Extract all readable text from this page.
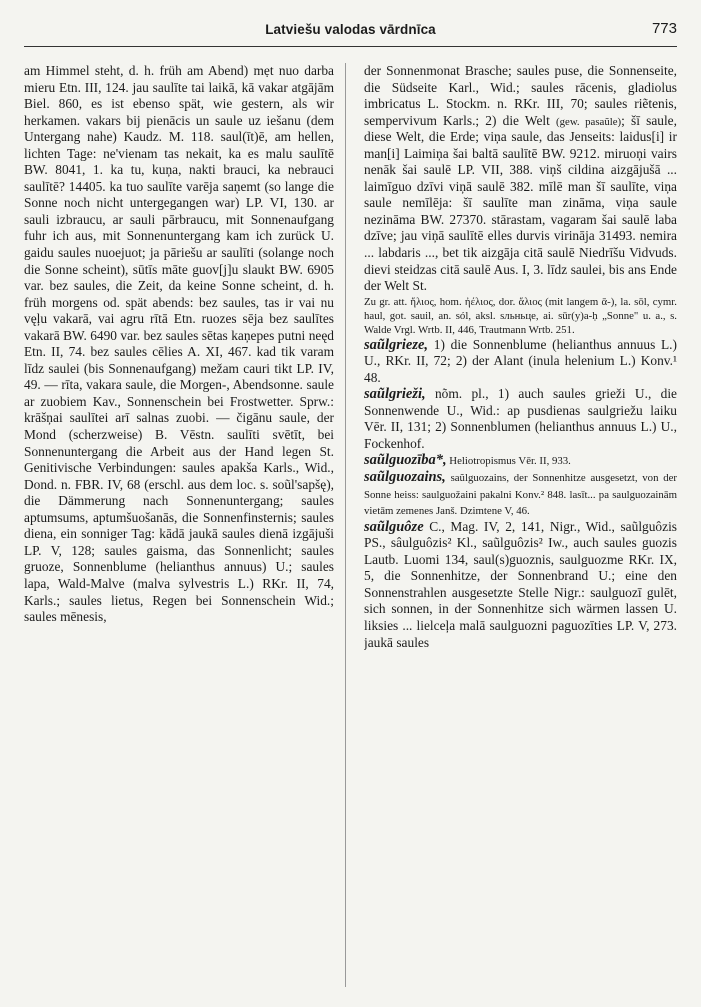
Latviešu valodas vārdnīca	773

am Himmel steht, d. h. früh am Abend) mẹt nuo darba mieru Etn. III, 124. jau saulīte tai laikā, kā vakar atgājām Biel. 860, es ist ebenso spät, wie gestern, als wir herkamen. vakars bij pienācis un saule uz iešanu (dem Untergang nahe) Kaudz. M. 118. saul(īt)ē, am hellen, lichten Tage: ne'vienam tas nekait, ka es malu saulītē BW. 8041, 1. ka tu, kuņa, nakti brauci, ka nebrauci saulītē? 14405. ka tuo saulīte varēja saņemt (so lange die Sonne noch nicht untergegangen war) LP. VI, 130. ar sauli izbraucu, ar sauli pārbraucu, mit Sonnenaufgang fuhr ich aus, mit Sonnenuntergang kam ich zurück U. gaidu saules nuoejuot; ja pāriešu ar saulīti (solange noch die Sonne scheint), sūtīs māte guov[j]u slaukt BW. 6905 var. bez saules, die Zeit, da keine Sonne scheint, d. h. früh morgens od. spät abends: bez saules, tas ir vai nu vęļu vakarā, vai agru rītā Etn. ruozes sēja bez saulītes vakarā BW. 6490 var. bez saules sētas kaņepes putni neęd Etn. II, 74. bez saules cēlies A. XI, 467. kad tik varam līdz saulei (bis Sonnenaufgang) mežam cauri tikt LP. IV, 49. — rīta, vakara saule, die Morgen-, Abendsonne. saule ar zuobiem Kav., Sonnenschein bei Frostwetter. Sprw.: krāšņai saulītei arī salnas zuobi. — čigānu saule, der Mond (scherzweise) B. Vēstn. saulīti svētīt, bei Sonnenuntergang die Arbeit aus der Hand legen St. Genitivische Verbindungen: saules apakša Karls., Wid., Dond. n. FBR. IV, 68 (erschl. aus dem loc. s. soũl'sapšę), die Dämmerung nach Sonnenuntergang; saules aptumsums, aptumšuošanās, die Sonnenfinsternis; saules diena, ein sonniger Tag: kādā jaukā saules dienā izgājuši LP. V, 128; saules gaisma, das Sonnenlicht; saules gruoze, Sonnenblume (helianthus annuus) U.; saules lapa, Wald-Malve (malva sylvestris L.) RKr. II, 74, Karls.; saules lietus, Regen bei Sonnenschein Wid.; saules mēnesis,

der Sonnenmonat Brasche; saules puse, die Sonnenseite, die Südseite Karl., Wid.; saules rācenis, gladiolus imbricatus L. Stockm. n. RKr. III, 70; saules riẽtenis, sempervivum Karls.; 2) die Welt (gew. pasaũle); šī saule, diese Welt, die Erde; viņa saule, das Jenseits: laidus[i] ir man[i] Laimiņa šai baltā saulītē BW. 9212. miruoņi vairs nenāk šai saulē LP. VII, 388. viņš cildina aizgājušā ... laimīguo dzīvi viņā saulē 382. mīlē man šī saulīte, viņa saule nemīlēja: šī saulīte man zināma, viņa saule nezināma BW. 27370. stārastam, vagaram šai saulē laba dzīve; jau viņā saulītē elles durvis virināja 31493. nemira ... labdaris ..., bet tik aizgāja citā saulē Niedrīšu Vidvuds. dievi steidzas citā saulē Aus. I, 3. līdz saulei, bis ans Ende der Welt St.

Zu gr. att. ἥλιος, hom. ἠέλιος, dor. ἅλιος (mit langem ᾱ-), la. sōl, cymr. haul, got. sauil, an. sól, aksl. sльньце, ai. sūr(y)a-ḥ „Sonne" u. a., s. Walde Vrgl. Wrtb. II, 446, Trautmann Wrtb. 251.

saũlgrieze, 1) die Sonnenblume (helianthus annuus L.) U., RKr. II, 72; 2) der Alant (inula helenium L.) Konv.¹ 48.

saũlgrieži, nõm. pl., 1) auch saules grieži U., die Sonnenwende U., Wid.: ap pusdienas saulgriežu laiku Vēr. II, 131; 2) Sonnenblumen (helianthus annuus L.) U., Fockenhof.

saũlguozība*, Heliotropismus Vēr. II, 933.

saũlguozains, saũlguozains, der Sonnenhitze ausgesetzt, von der Sonne heiss: saulguožaini pakalni Konv.² 848. lasīt... pa saulguozainām vietām zemenes Janš. Dzimtene V, 46.

saũlguôze C., Mag. IV, 2, 141, Nigr., Wid., saũlguôzis PS., sâulguôzis² Kl., saũlguôzis² Iw., auch saules guozis Lautb. Luomi 134, saul(s)guoznis, saulguozme RKr. IX, 5, die Sonnenhitze, der Sonnenbrand U.; eine den Sonnenstrahlen ausgesetzte Stelle Nigr.: saulguozī gulēt, sich sonnen, in der Sonnenhitze sich wärmen lassen U. liksies ... lielceļa malā saulguozni paguozīties LP. V, 273. jaukā saules
